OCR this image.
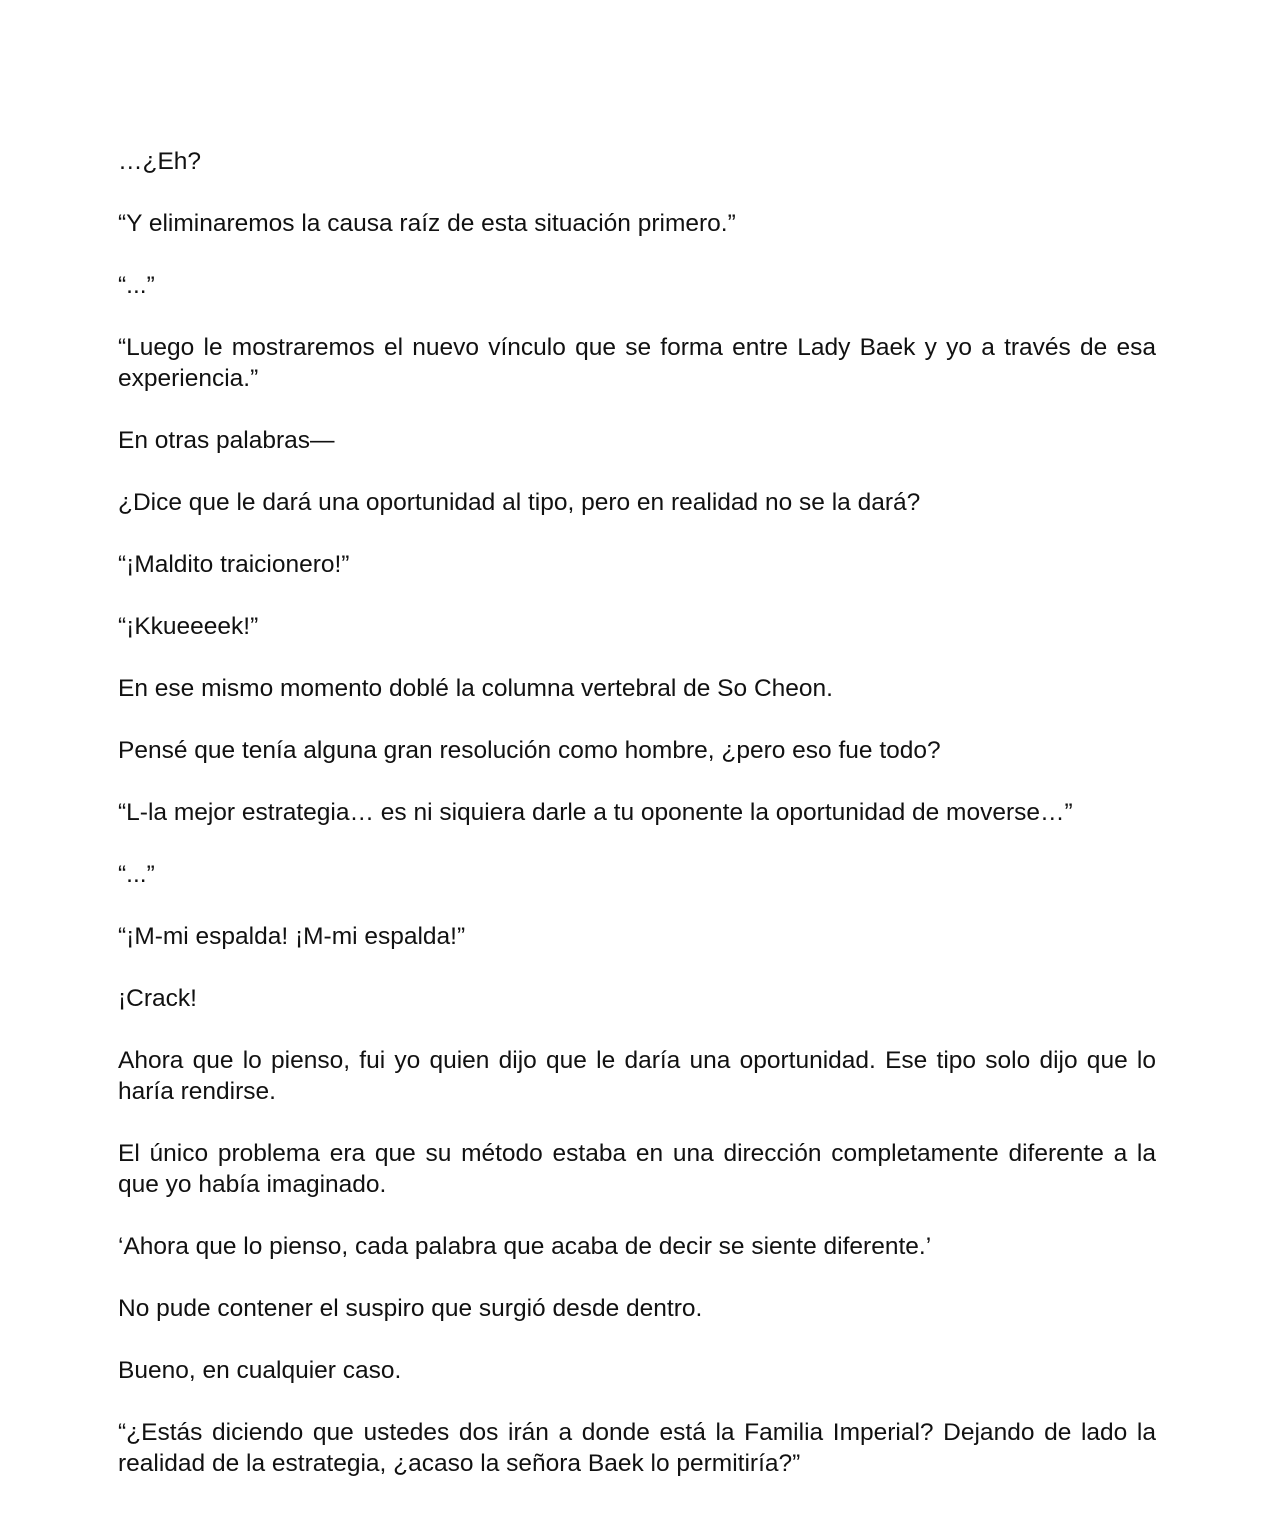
…¿Eh?

“Y eliminaremos la causa raíz de esta situación primero.”

“...”

“Luego le mostraremos el nuevo vínculo que se forma entre Lady Baek y yo a través de esa experiencia.”

En otras palabras—

¿Dice que le dará una oportunidad al tipo, pero en realidad no se la dará?

“¡Maldito traicionero!”

“¡Kkueeeek!”

En ese mismo momento doblé la columna vertebral de So Cheon.

Pensé que tenía alguna gran resolución como hombre, ¿pero eso fue todo?

“L-la mejor estrategia… es ni siquiera darle a tu oponente la oportunidad de moverse…”

“...”

“¡M-mi espalda! ¡M-mi espalda!”

¡Crack!

Ahora que lo pienso, fui yo quien dijo que le daría una oportunidad. Ese tipo solo dijo que lo haría rendirse.

El único problema era que su método estaba en una dirección completamente diferente a la que yo había imaginado.

‘Ahora que lo pienso, cada palabra que acaba de decir se siente diferente.’

No pude contener el suspiro que surgió desde dentro.

Bueno, en cualquier caso.

“¿Estás diciendo que ustedes dos irán a donde está la Familia Imperial? Dejando de lado la realidad de la estrategia, ¿acaso la señora Baek lo permitiría?”
